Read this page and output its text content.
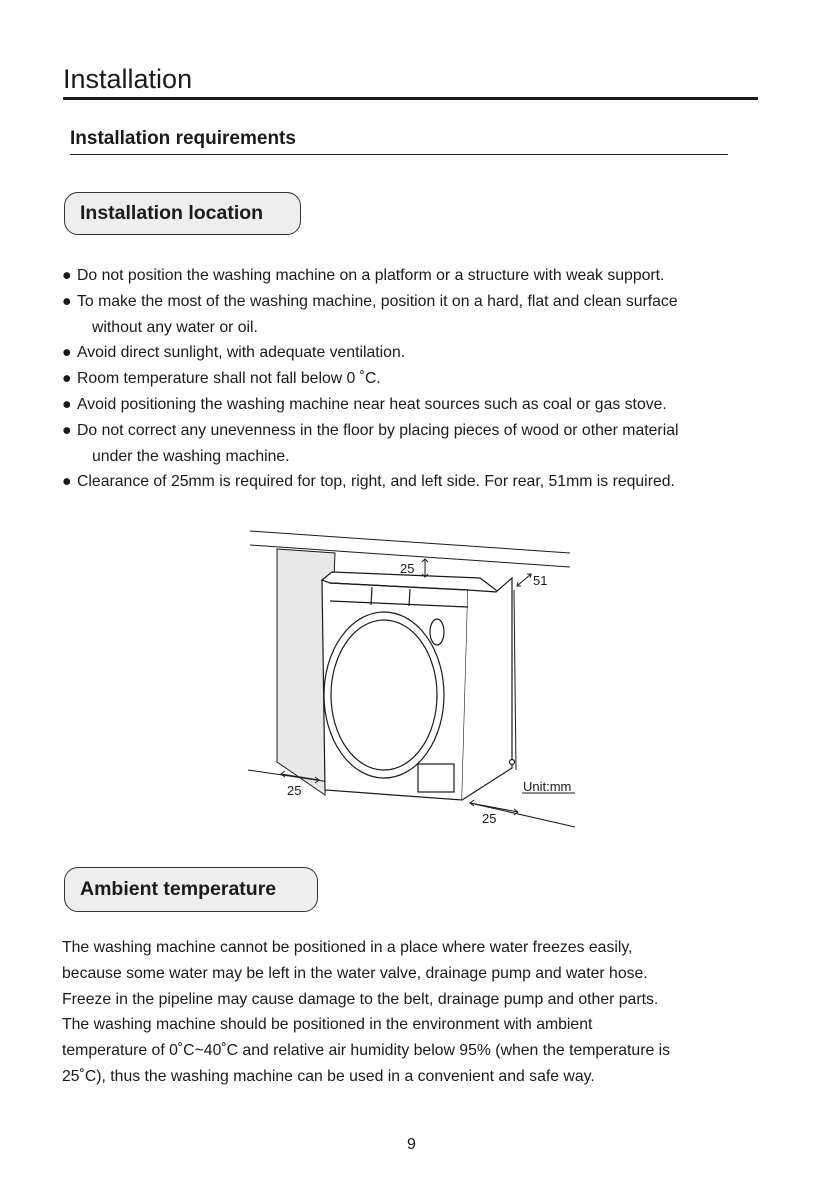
Installation
Installation requirements
Installation location
● Do not position the washing machine on a platform or a structure with weak support.
● To make the most of the washing machine, position it on a hard, flat and clean surface
without any water or oil.
● Avoid direct sunlight, with adequate ventilation.
● Room temperature shall not fall below 0 ˚C.
● Avoid positioning the washing machine near heat sources such as coal or gas stove.
● Do not correct any unevenness in the floor by placing pieces of wood or other material
under the washing machine.
● Clearance of 25mm is required for top, right, and left side. For rear, 51mm is required.
25
51
25
25
Unit:mm
Ambient temperature

The washing machine cannot be positioned in a place where water freezes easily,
because some water may be left in the water valve, drainage pump and water hose.
Freeze in the pipeline may cause damage to the belt, drainage pump and other parts.
The washing machine should be positioned in the environment with ambient
temperature of 0˚C~40˚C and relative air humidity below 95% (when the temperature is
25˚C), thus the washing machine can be used in a convenient and safe way.

9
